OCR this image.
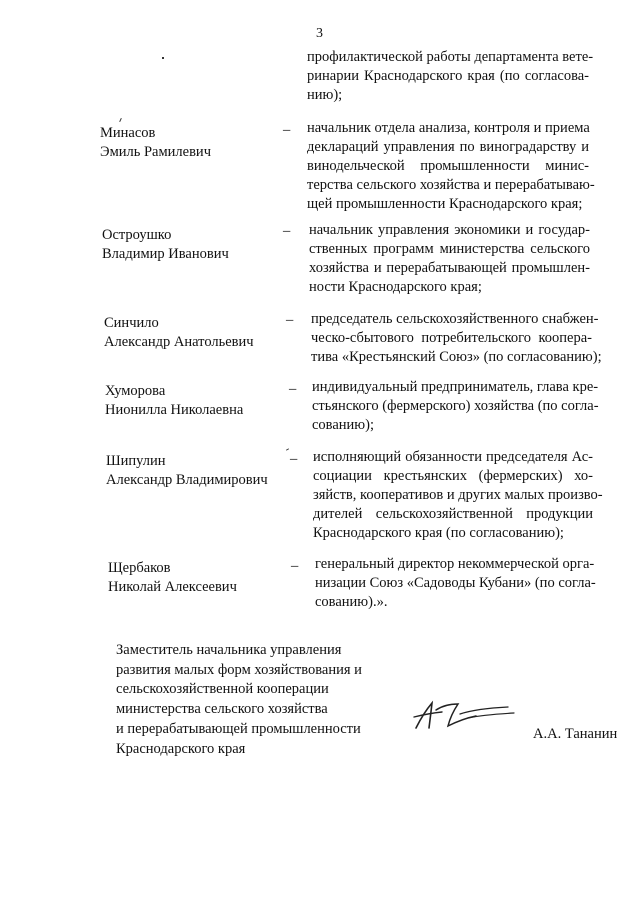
3
профилактической работы департамента вете-
ринарии Краснодарского края (по согласова-
нию);
Минасов
Эмиль Рамилевич
– начальник отдела анализа, контроля и приема
деклараций управления по виноградарству и
винодельческой промышленности минис-
терства сельского хозяйства и перерабатываю-
щей промышленности Краснодарского края;
Остроушко
Владимир Иванович
– начальник управления экономики и государ-
ственных программ министерства сельского
хозяйства и перерабатывающей промышлен-
ности Краснодарского края;
Синчило
Александр Анатольевич
– председатель сельскохозяйственного снабжен-
ческо-сбытового потребительского коопера-
тива «Крестьянский Союз» (по согласованию);
Хуморова
Нионилла Николаевна
– индивидуальный предприниматель, глава кре-
стьянского (фермерского) хозяйства (по согла-
сованию);
Шипулин
Александр Владимирович
– исполняющий обязанности председателя Ас-
социации крестьянских (фермерских) хо-
зяйств, кооперативов и других малых произво-
дителей сельскохозяйственной продукции
Краснодарского края (по согласованию);
Щербаков
Николай Алексеевич
– генеральный директор некоммерческой орга-
низации Союз «Садоводы Кубани» (по согла-
сованию).».
Заместитель начальника управления
развития малых форм хозяйствования и
сельскохозяйственной кооперации
министерства сельского хозяйства
и перерабатывающей промышленности
Краснодарского края
А.А. Тананин
